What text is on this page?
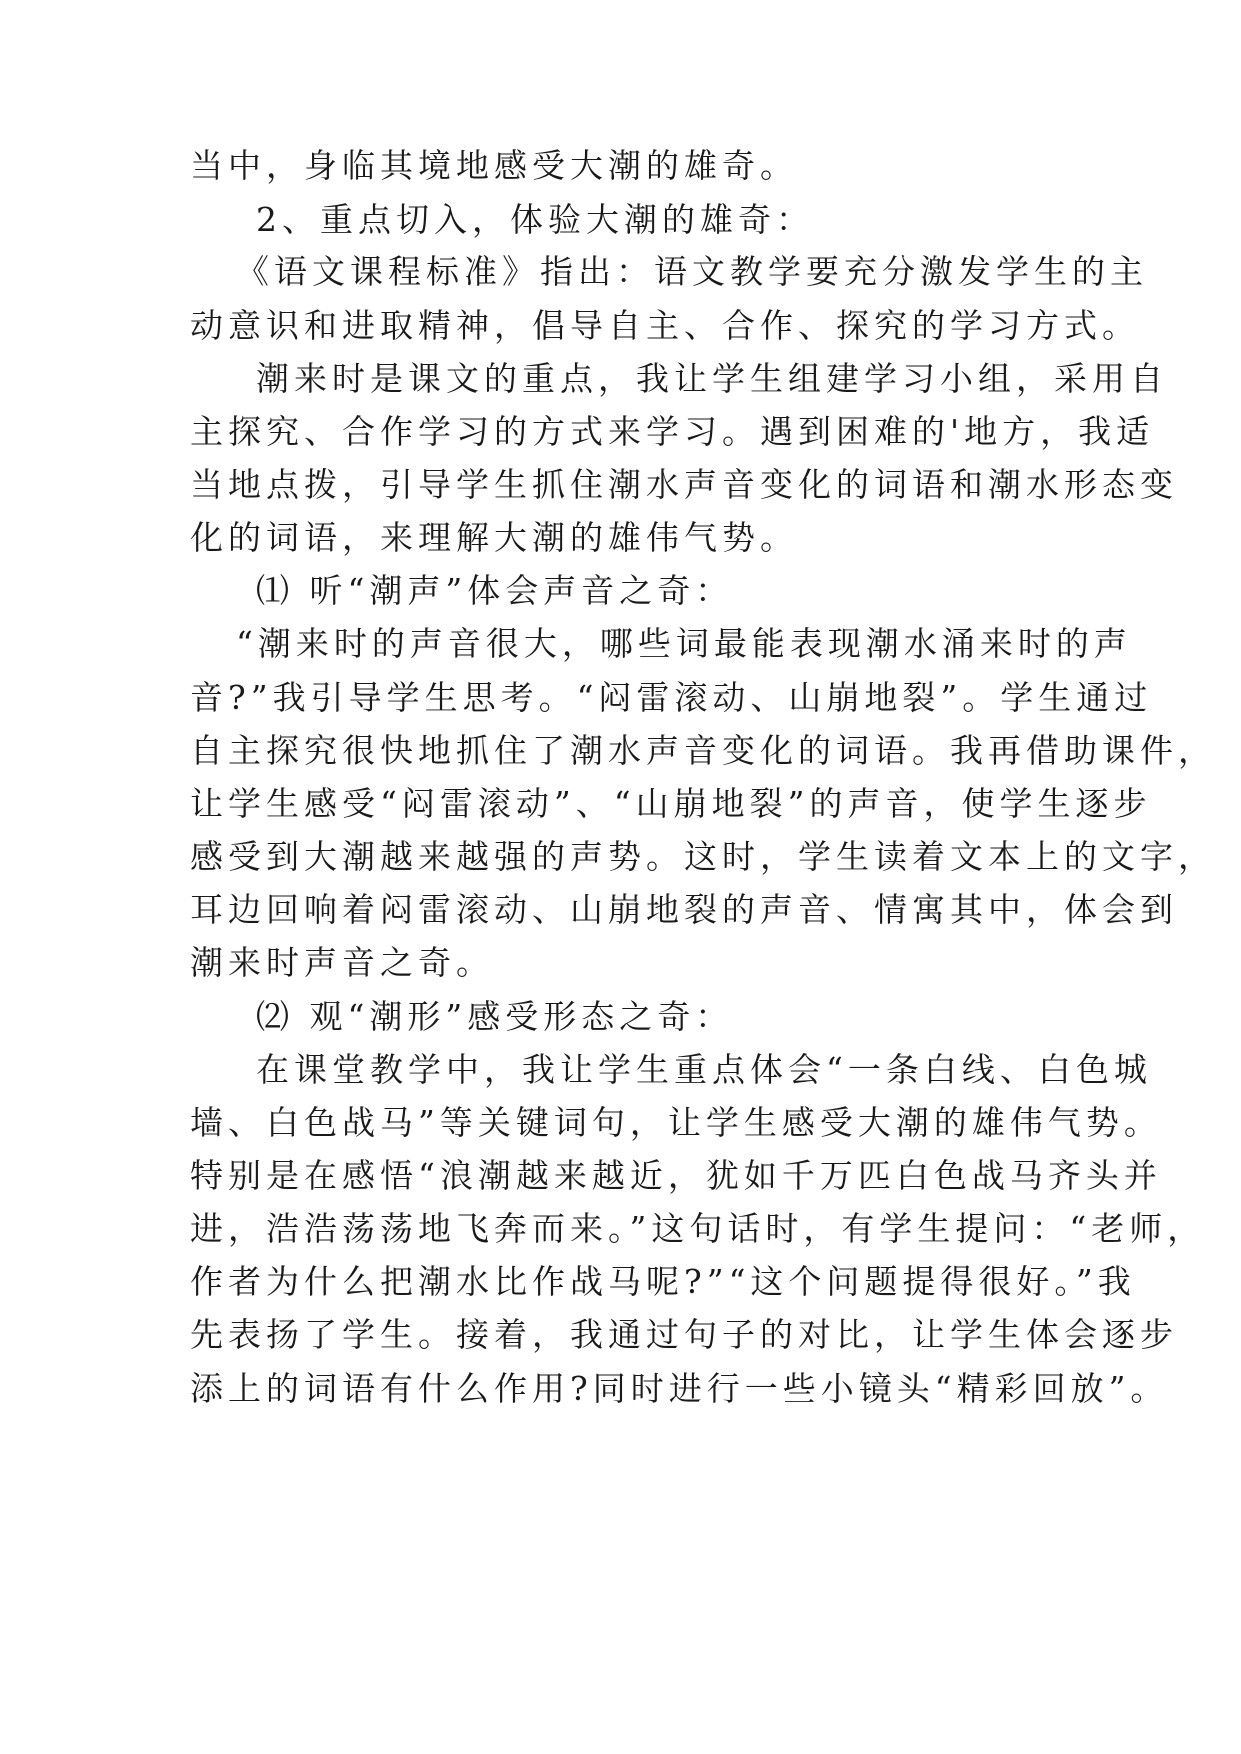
当中，身临其境地感受大潮的雄奇。

2、重点切入，体验大潮的雄奇：

《语文课程标准》指出：语文教学要充分激发学生的主

动意识和进取精神，倡导自主、合作、探究的学习方式。

潮来时是课文的重点，我让学生组建学习小组，采用自

主探究、合作学习的方式来学习。遇到困难的'地方，我适

当地点拨，引导学生抓住潮水声音变化的词语和潮水形态变

化的词语，来理解大潮的雄伟气势。

⑴ 听“潮声”体会声音之奇：

“潮来时的声音很大，哪些词最能表现潮水涌来时的声

音?”我引导学生思考。“闷雷滚动、山崩地裂”。学生通过

自主探究很快地抓住了潮水声音变化的词语。我再借助课件，

让学生感受“闷雷滚动”、“山崩地裂”的声音，使学生逐步

感受到大潮越来越强的声势。这时，学生读着文本上的文字，

耳边回响着闷雷滚动、山崩地裂的声音、情寓其中，体会到

潮来时声音之奇。

⑵ 观“潮形”感受形态之奇：

在课堂教学中，我让学生重点体会“一条白线、白色城

墙、白色战马”等关键词句，让学生感受大潮的雄伟气势。

特别是在感悟“浪潮越来越近，犹如千万匹白色战马齐头并

进，浩浩荡荡地飞奔而来。”这句话时，有学生提问：“老师，

作者为什么把潮水比作战马呢?”“这个问题提得很好。”我

先表扬了学生。接着，我通过句子的对比，让学生体会逐步

添上的词语有什么作用?同时进行一些小镜头“精彩回放”。
